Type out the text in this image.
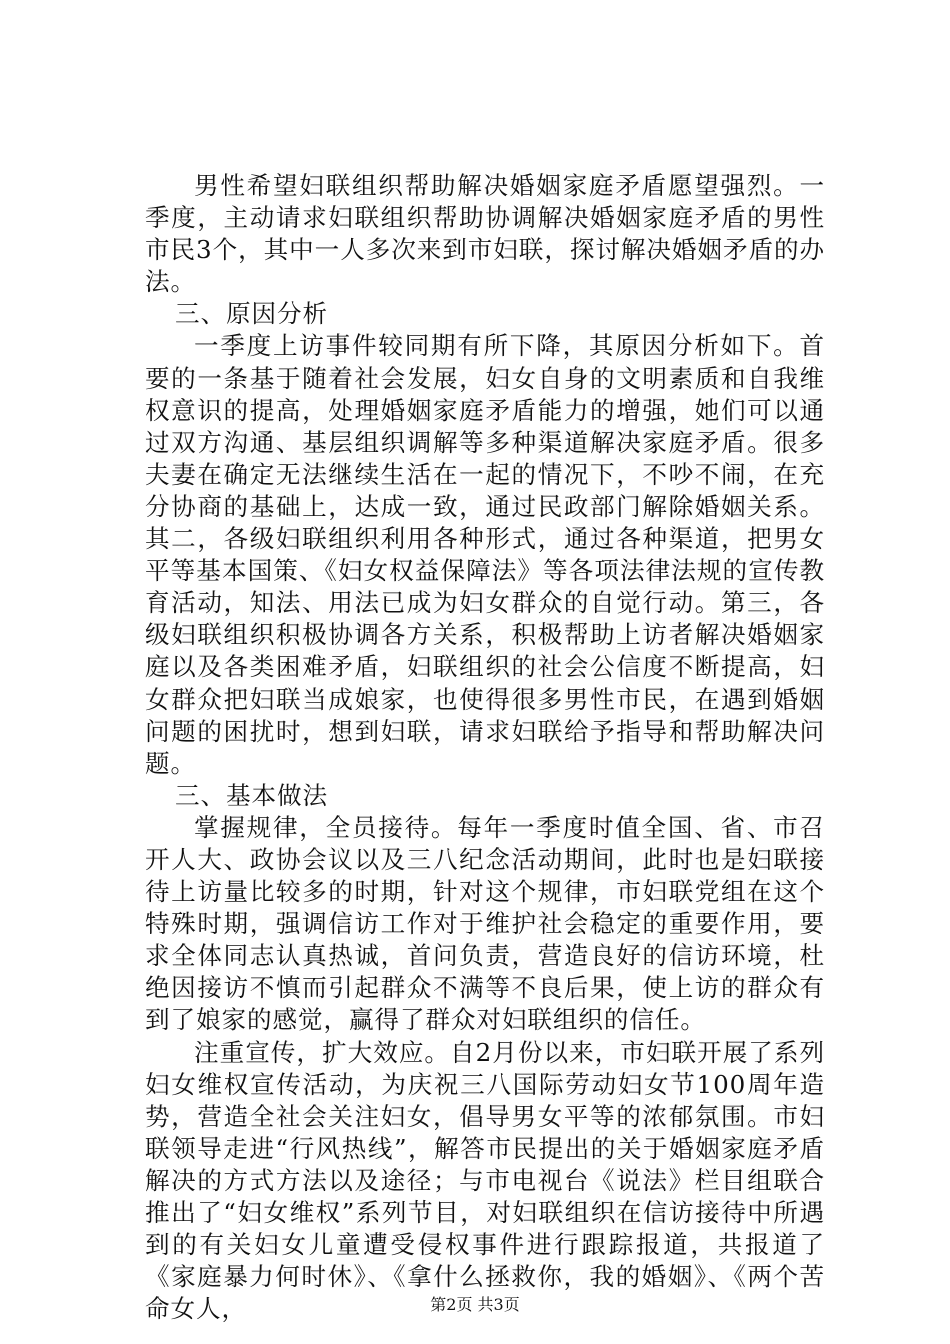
男性希望妇联组织帮助解决婚姻家庭矛盾愿望强烈。一季度，主动请求妇联组织帮助协调解决婚姻家庭矛盾的男性市民3个，其中一人多次来到市妇联，探讨解决婚姻矛盾的办法。

三、原因分析

一季度上访事件较同期有所下降，其原因分析如下。首要的一条基于随着社会发展，妇女自身的文明素质和自我维权意识的提高，处理婚姻家庭矛盾能力的增强，她们可以通过双方沟通、基层组织调解等多种渠道解决家庭矛盾。很多夫妻在确定无法继续生活在一起的情况下，不吵不闹，在充分协商的基础上，达成一致，通过民政部门解除婚姻关系。其二，各级妇联组织利用各种形式，通过各种渠道，把男女平等基本国策、《妇女权益保障法》等各项法律法规的宣传教育活动，知法、用法已成为妇女群众的自觉行动。第三，各级妇联组织积极协调各方关系，积极帮助上访者解决婚姻家庭以及各类困难矛盾，妇联组织的社会公信度不断提高，妇女群众把妇联当成娘家，也使得很多男性市民，在遇到婚姻问题的困扰时，想到妇联，请求妇联给予指导和帮助解决问题。

三、基本做法

掌握规律，全员接待。每年一季度时值全国、省、市召开人大、政协会议以及三八纪念活动期间，此时也是妇联接待上访量比较多的时期，针对这个规律，市妇联党组在这个特殊时期，强调信访工作对于维护社会稳定的重要作用，要求全体同志认真热诚，首问负责，营造良好的信访环境，杜绝因接访不慎而引起群众不满等不良后果，使上访的群众有到了娘家的感觉，赢得了群众对妇联组织的信任。

注重宣传，扩大效应。自2月份以来，市妇联开展了系列妇女维权宣传活动，为庆祝三八国际劳动妇女节100周年造势，营造全社会关注妇女，倡导男女平等的浓郁氛围。市妇联领导走进“行风热线”，解答市民提出的关于婚姻家庭矛盾解决的方式方法以及途径；与市电视台《说法》栏目组联合推出了“妇女维权”系列节目，对妇联组织在信访接待中所遇到的有关妇女儿童遭受侵权事件进行跟踪报道，共报道了《家庭暴力何时休》、《拿什么拯救你，我的婚姻》、《两个苦命女人，	第2页 共3页
